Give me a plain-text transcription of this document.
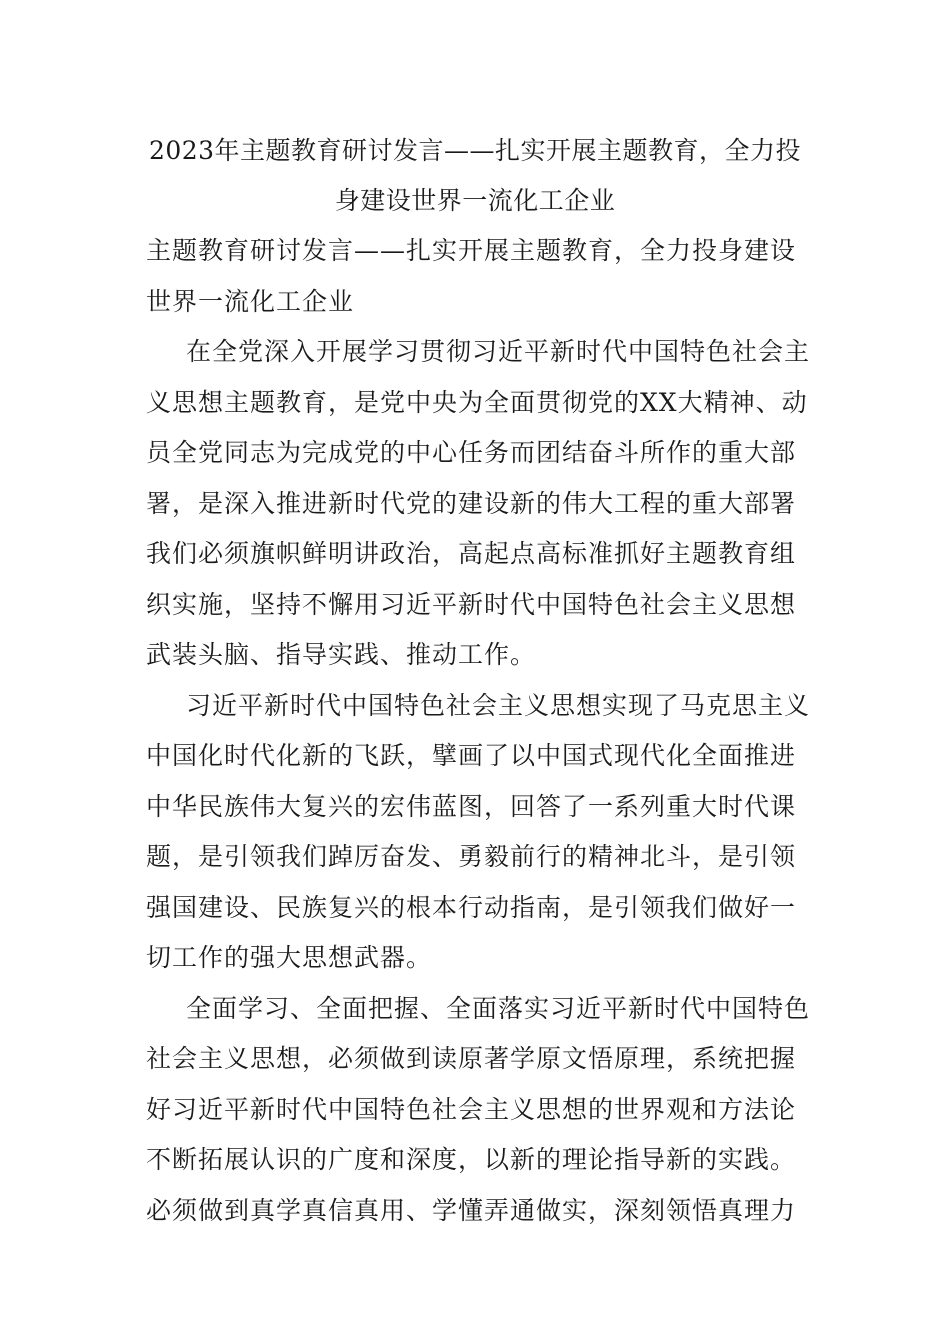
2023年主题教育研讨发言——扎实开展主题教育，全力投
身建设世界一流化工企业
主题教育研讨发言——扎实开展主题教育，全力投身建设
世界一流化工企业
在全党深入开展学习贯彻习近平新时代中国特色社会主
义思想主题教育，是党中央为全面贯彻党的XX大精神、动
员全党同志为完成党的中心任务而团结奋斗所作的重大部
署，是深入推进新时代党的建设新的伟大工程的重大部署
我们必须旗帜鲜明讲政治，高起点高标准抓好主题教育组
织实施，坚持不懈用习近平新时代中国特色社会主义思想
武装头脑、指导实践、推动工作。
习近平新时代中国特色社会主义思想实现了马克思主义
中国化时代化新的飞跃，擘画了以中国式现代化全面推进
中华民族伟大复兴的宏伟蓝图，回答了一系列重大时代课
题，是引领我们踔厉奋发、勇毅前行的精神北斗，是引领
强国建设、民族复兴的根本行动指南，是引领我们做好一
切工作的强大思想武器。
全面学习、全面把握、全面落实习近平新时代中国特色
社会主义思想，必须做到读原著学原文悟原理，系统把握
好习近平新时代中国特色社会主义思想的世界观和方法论
不断拓展认识的广度和深度，以新的理论指导新的实践。
必须做到真学真信真用、学懂弄通做实，深刻领悟真理力
